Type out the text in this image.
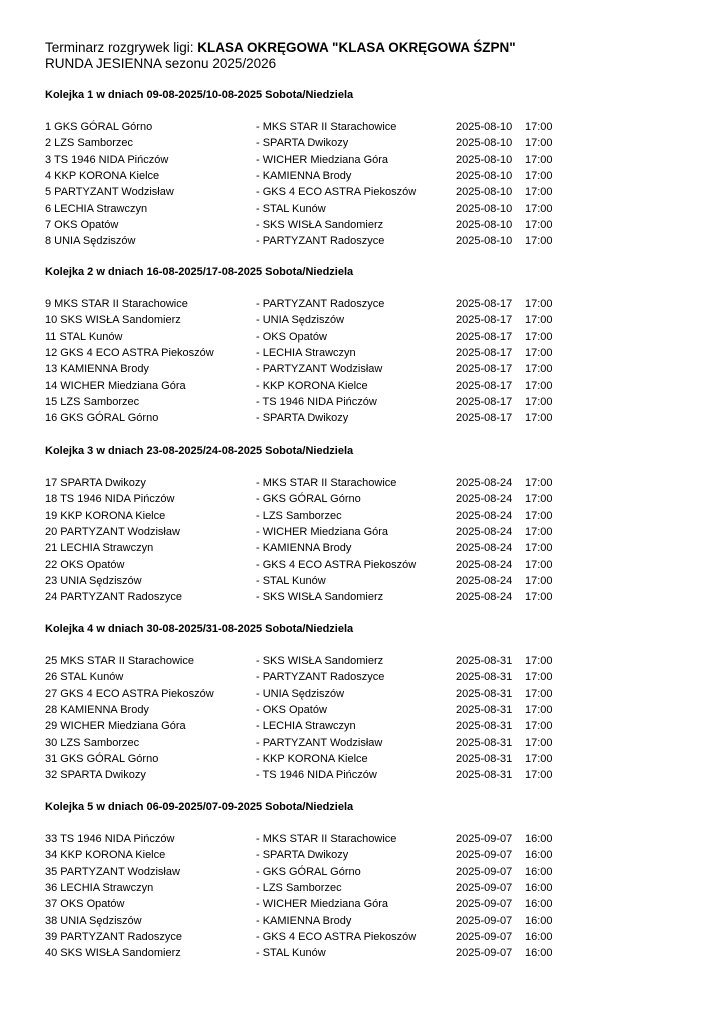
Terminarz rozgrywek ligi: KLASA OKRĘGOWA "KLASA OKRĘGOWA ŚZPN"
RUNDA JESIENNA sezonu 2025/2026
Kolejka 1 w dniach 09-08-2025/10-08-2025 Sobota/Niedziela
1 GKS GÓRAL Górno	- MKS STAR II Starachowice	2025-08-10 17:00
2 LZS Samborzec	- SPARTA Dwikozy	2025-08-10 17:00
3 TS 1946 NIDA Pińczów	- WICHER Miedziana Góra	2025-08-10 17:00
4 KKP KORONA Kielce	- KAMIENNA Brody	2025-08-10 17:00
5 PARTYZANT Wodzisław	- GKS 4 ECO ASTRA Piekoszów	2025-08-10 17:00
6 LECHIA Strawczyn	- STAL Kunów	2025-08-10 17:00
7 OKS Opatów	- SKS WISŁA Sandomierz	2025-08-10 17:00
8 UNIA Sędziszów	- PARTYZANT Radoszyce	2025-08-10 17:00
Kolejka 2 w dniach 16-08-2025/17-08-2025 Sobota/Niedziela
9 MKS STAR II Starachowice	- PARTYZANT Radoszyce	2025-08-17 17:00
10 SKS WISŁA Sandomierz	- UNIA Sędziszów	2025-08-17 17:00
11 STAL Kunów	- OKS Opatów	2025-08-17 17:00
12 GKS 4 ECO ASTRA Piekoszów	- LECHIA Strawczyn	2025-08-17 17:00
13 KAMIENNA Brody	- PARTYZANT Wodzisław	2025-08-17 17:00
14 WICHER Miedziana Góra	- KKP KORONA Kielce	2025-08-17 17:00
15 LZS Samborzec	- TS 1946 NIDA Pińczów	2025-08-17 17:00
16 GKS GÓRAL Górno	- SPARTA Dwikozy	2025-08-17 17:00
Kolejka 3 w dniach 23-08-2025/24-08-2025 Sobota/Niedziela
17 SPARTA Dwikozy	- MKS STAR II Starachowice	2025-08-24 17:00
18 TS 1946 NIDA Pińczów	- GKS GÓRAL Górno	2025-08-24 17:00
19 KKP KORONA Kielce	- LZS Samborzec	2025-08-24 17:00
20 PARTYZANT Wodzisław	- WICHER Miedziana Góra	2025-08-24 17:00
21 LECHIA Strawczyn	- KAMIENNA Brody	2025-08-24 17:00
22 OKS Opatów	- GKS 4 ECO ASTRA Piekoszów	2025-08-24 17:00
23 UNIA Sędziszów	- STAL Kunów	2025-08-24 17:00
24 PARTYZANT Radoszyce	- SKS WISŁA Sandomierz	2025-08-24 17:00
Kolejka 4 w dniach 30-08-2025/31-08-2025 Sobota/Niedziela
25 MKS STAR II Starachowice	- SKS WISŁA Sandomierz	2025-08-31 17:00
26 STAL Kunów	- PARTYZANT Radoszyce	2025-08-31 17:00
27 GKS 4 ECO ASTRA Piekoszów	- UNIA Sędziszów	2025-08-31 17:00
28 KAMIENNA Brody	- OKS Opatów	2025-08-31 17:00
29 WICHER Miedziana Góra	- LECHIA Strawczyn	2025-08-31 17:00
30 LZS Samborzec	- PARTYZANT Wodzisław	2025-08-31 17:00
31 GKS GÓRAL Górno	- KKP KORONA Kielce	2025-08-31 17:00
32 SPARTA Dwikozy	- TS 1946 NIDA Pińczów	2025-08-31 17:00
Kolejka 5 w dniach 06-09-2025/07-09-2025 Sobota/Niedziela
33 TS 1946 NIDA Pińczów	- MKS STAR II Starachowice	2025-09-07 16:00
34 KKP KORONA Kielce	- SPARTA Dwikozy	2025-09-07 16:00
35 PARTYZANT Wodzisław	- GKS GÓRAL Górno	2025-09-07 16:00
36 LECHIA Strawczyn	- LZS Samborzec	2025-09-07 16:00
37 OKS Opatów	- WICHER Miedziana Góra	2025-09-07 16:00
38 UNIA Sędziszów	- KAMIENNA Brody	2025-09-07 16:00
39 PARTYZANT Radoszyce	- GKS 4 ECO ASTRA Piekoszów	2025-09-07 16:00
40 SKS WISŁA Sandomierz	- STAL Kunów	2025-09-07 16:00
